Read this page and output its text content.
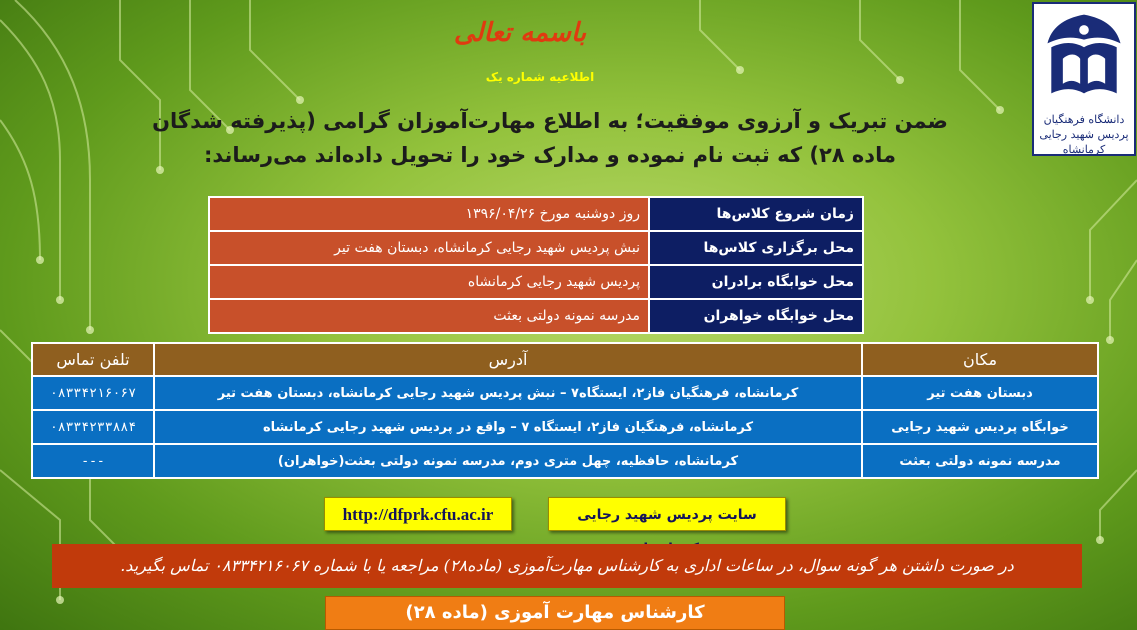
دانشگاه فرهنگیان
پردیس شهید رجایی کرمانشاه
باسمه تعالی
اطلاعیه شماره یک
ضمن تبریک و آرزوی موفقیت؛ به اطلاع مهارت‌آموزان گرامی (پذیرفته شدگان
ماده ۲۸) که ثبت نام نموده و مدارک خود را تحویل داده‌اند می‌رساند:
زمان شروع کلاس‌ها	روز دوشنبه مورخ ۱۳۹۶/۰۴/۲۶
محل برگزاری کلاس‌ها	نبش پردیس شهید رجایی کرمانشاه، دبستان هفت تیر
محل خوابگاه برادران	پردیس شهید رجایی کرمانشاه
محل خوابگاه خواهران	مدرسه نمونه دولتی بعثت
مکان	آدرس	تلفن تماس
دبستان هفت تیر	کرمانشاه، فرهنگیان فاز۲، ایستگاه۷ – نبش پردیس شهید رجایی کرمانشاه، دبستان هفت تیر	۰۸۳۳۴۲۱۶۰۶۷
خوابگاه پردیس شهید رجایی	کرمانشاه، فرهنگیان فاز۲، ایستگاه ۷ – واقع در پردیس شهید رجایی کرمانشاه	۰۸۳۳۴۲۳۳۸۸۴
مدرسه نمونه دولتی بعثت	کرمانشاه، حافظیه، چهل متری دوم، مدرسه نمونه دولتی بعثت(خواهران)	---
http://dfprk.cfu.ac.ir	سایت پردیس شهید رجایی
در صورت داشتن هر گونه سوال، در ساعات اداری به کارشناس مهارت‌آموزی (ماده۲۸) مراجعه یا با شماره ۰۸۳۳۴۲۱۶۰۶۷ تماس بگیرید.
کارشناس مهارت آموزی (ماده ۲۸)
